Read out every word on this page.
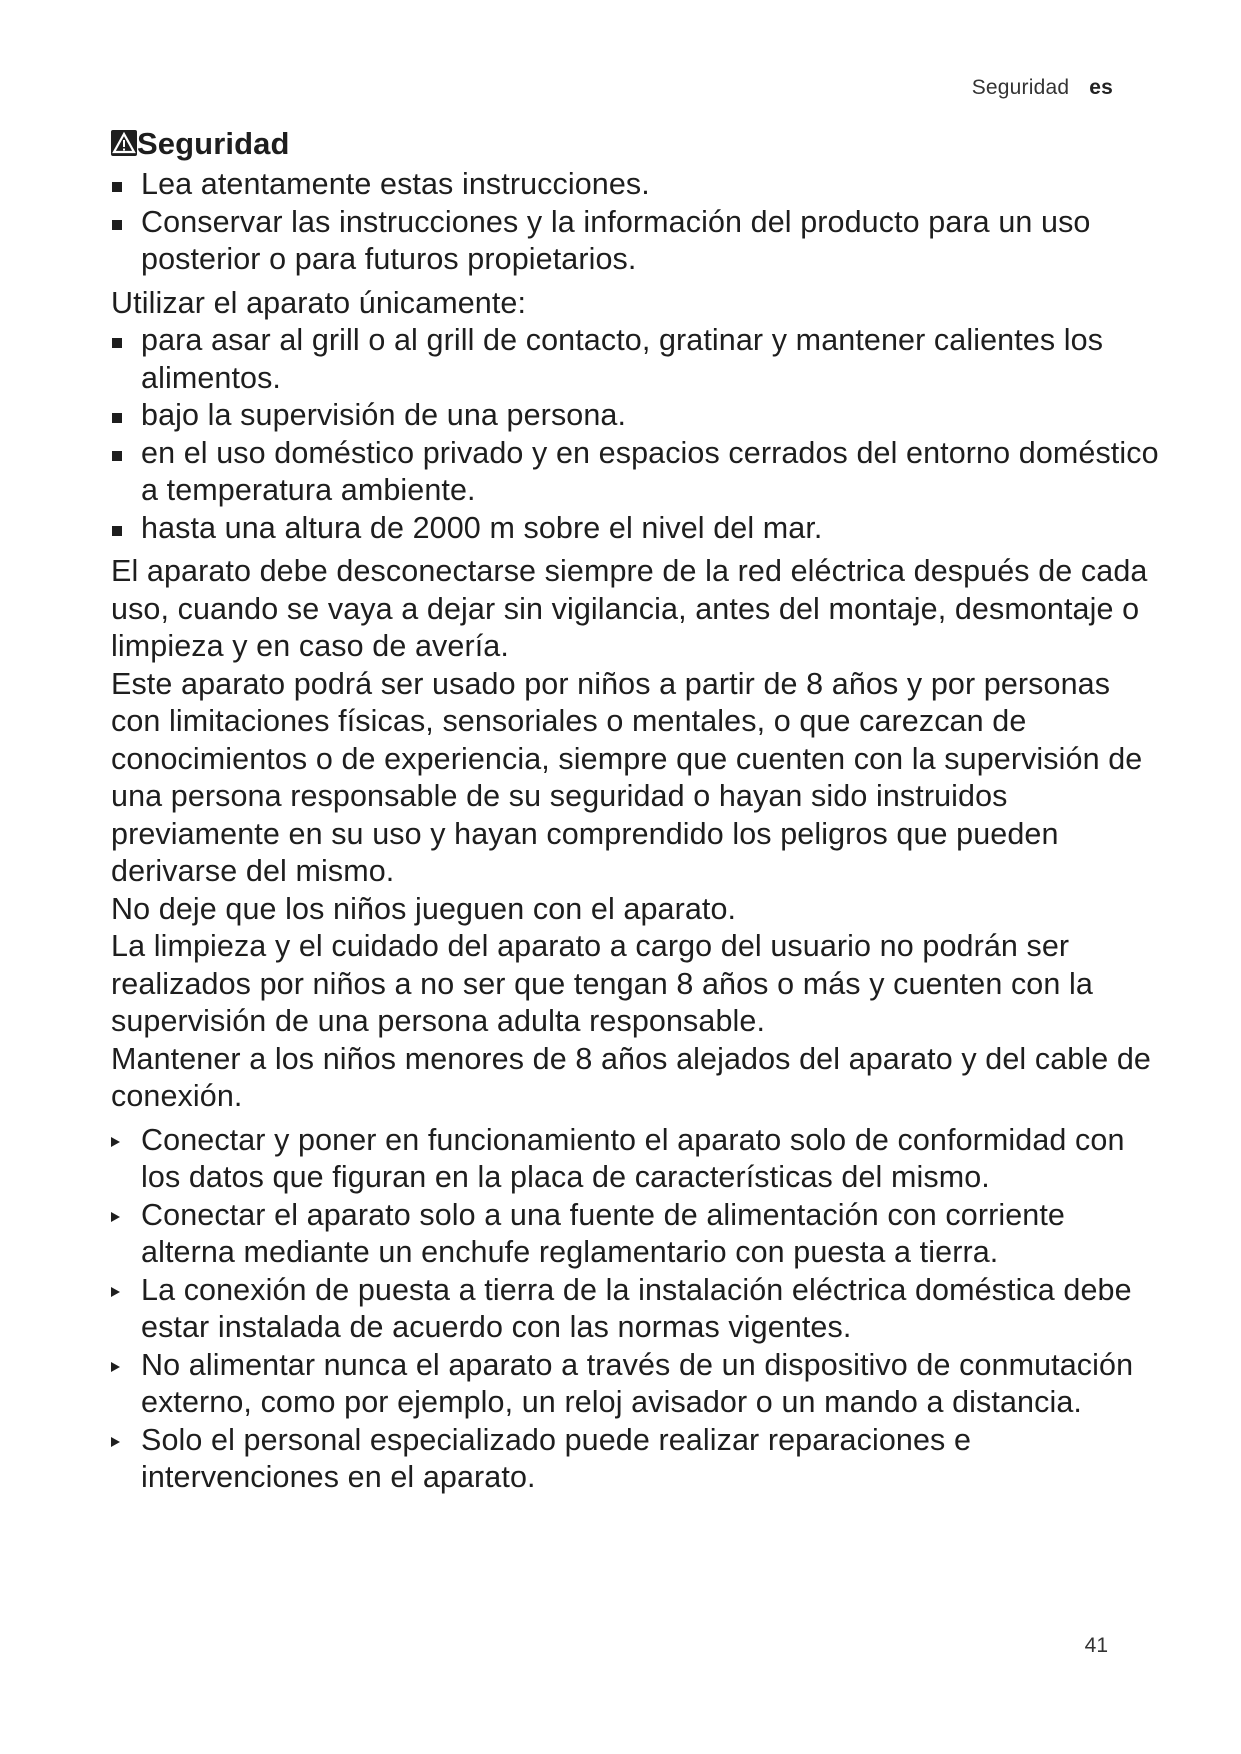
Seguridad es
Seguridad
Lea atentamente estas instrucciones.
Conservar las instrucciones y la información del producto para un uso posterior o para futuros propietarios.

Utilizar el aparato únicamente:

para asar al grill o al grill de contacto, gratinar y mantener calientes los alimentos.
bajo la supervisión de una persona.
en el uso doméstico privado y en espacios cerrados del entorno doméstico a temperatura ambiente.
hasta una altura de 2000 m sobre el nivel del mar.

El aparato debe desconectarse siempre de la red eléctrica después de cada uso, cuando se vaya a dejar sin vigilancia, antes del montaje, desmontaje o limpieza y en caso de avería.

Este aparato podrá ser usado por niños a partir de 8 años y por personas con limitaciones físicas, sensoriales o mentales, o que carezcan de conocimientos o de experiencia, siempre que cuenten con la supervisión de una persona responsable de su seguridad o hayan sido instruidos previamente en su uso y hayan comprendido los peligros que pueden derivarse del mismo.

No deje que los niños jueguen con el aparato.

La limpieza y el cuidado del aparato a cargo del usuario no podrán ser realizados por niños a no ser que tengan 8 años o más y cuenten con la supervisión de una persona adulta responsable.

Mantener a los niños menores de 8 años alejados del aparato y del cable de conexión.

Conectar y poner en funcionamiento el aparato solo de conformidad con los datos que figuran en la placa de características del mismo.
Conectar el aparato solo a una fuente de alimentación con corriente alterna mediante un enchufe reglamentario con puesta a tierra.
La conexión de puesta a tierra de la instalación eléctrica doméstica debe estar instalada de acuerdo con las normas vigentes.
No alimentar nunca el aparato a través de un dispositivo de conmutación externo, como por ejemplo, un reloj avisador o un mando a distancia.
Solo el personal especializado puede realizar reparaciones e intervenciones en el aparato.
41
